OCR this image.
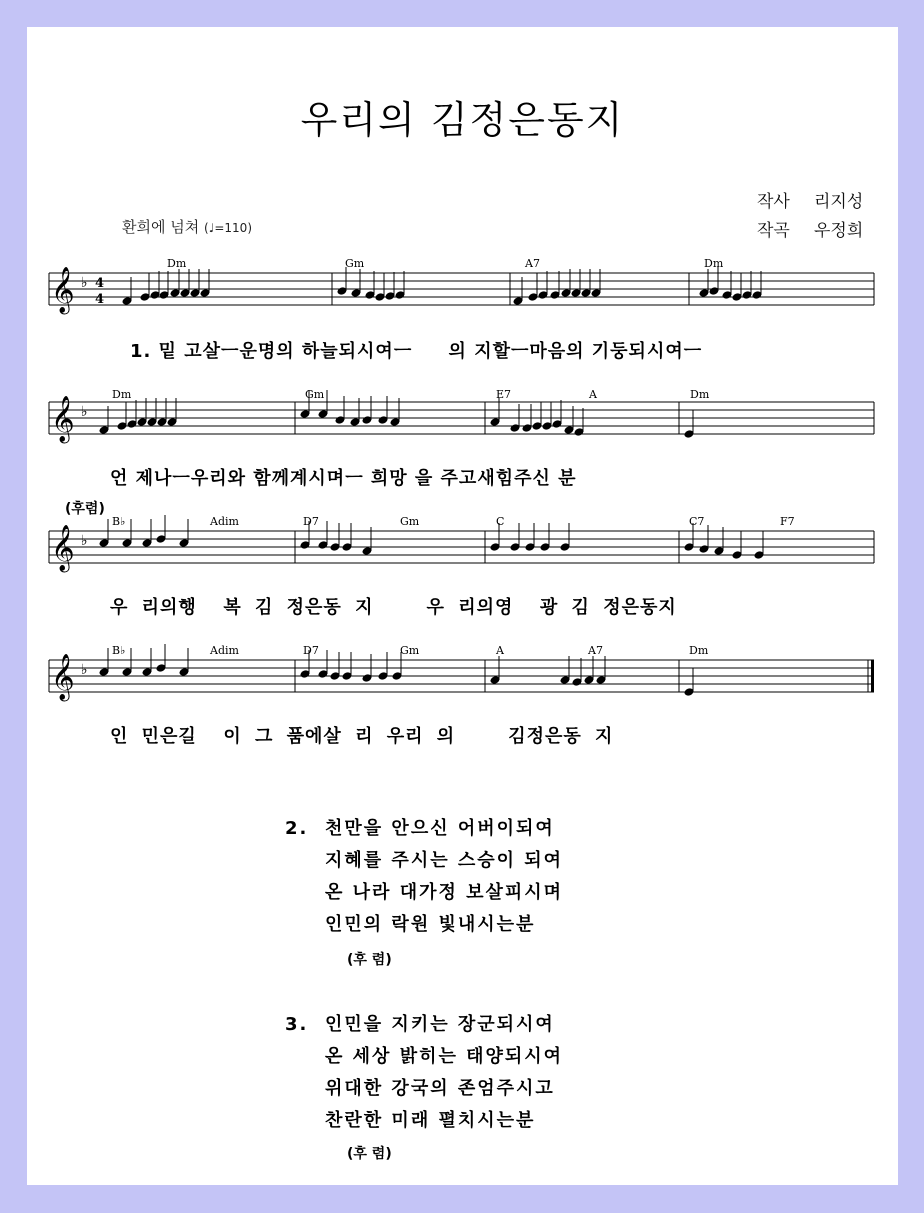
우리의 김정은동지
작사 리지성
작곡 우정희
환희에 넘쳐 (♩=110)
𝄞 ♭ 4
4
𝄞 ♭
𝄞 ♭
𝄞 ♭
Dm	Gm	A7	Dm
Dm	Gm	E7	A	Dm
(후렴)
B♭	Adim	D7	Gm	C	C7	F7
B♭	Adim	D7	Gm	A	A7	Dm
1. 밑 고살ㅡ운명의 하늘되시여ㅡ     의 지할ㅡ마음의 기둥되시여ㅡ
언 제나ㅡ우리와 함께계시며ㅡ 희망 을 주고새힘주신 분
우 리의행  복 김 정은동 지    우 리의영  광 김 정은동지
인 민은길  이 그 품에살 리 우리 의    김정은동 지
2. 천만을 안으신 어버이되여
지혜를 주시는 스승이 되여
온 나라 대가정 보살피시며
인민의 락원 빛내시는분
(후 렴)
3. 인민을 지키는 장군되시여
온 세상 밝히는 태양되시여
위대한 강국의 존엄주시고
찬란한 미래 펼치시는분
(후 렴)
